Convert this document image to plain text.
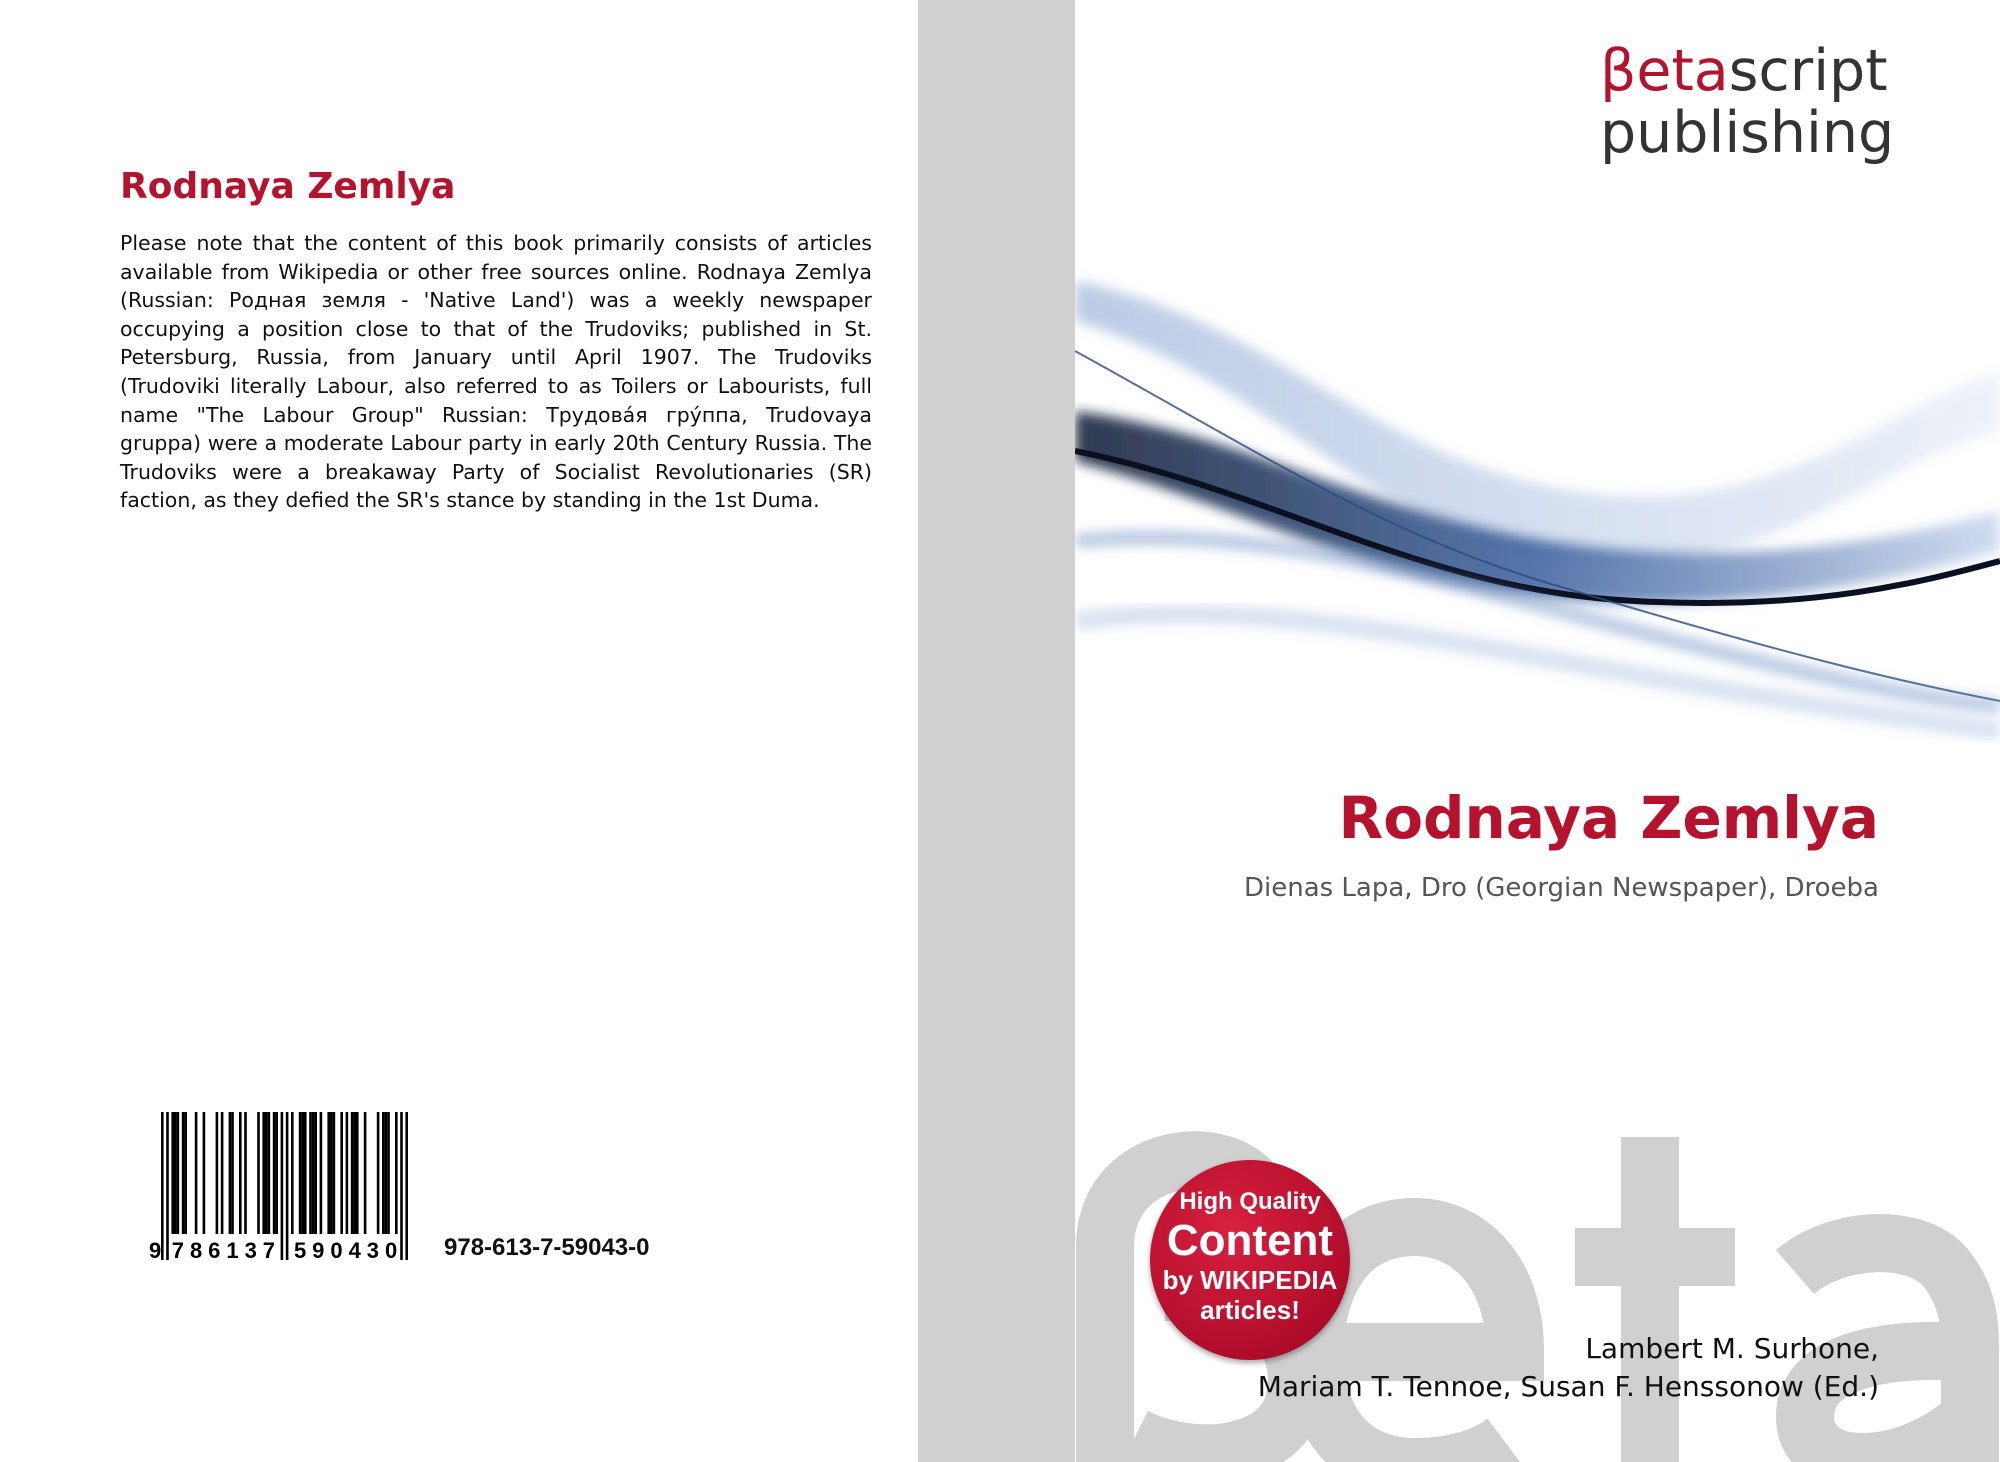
Rodnaya Zemlya
Please note that the content of this book primarily consists of articles available from Wikipedia or other free sources online. Rodnaya Zemlya (Russian: Родная земля - 'Native Land') was a weekly newspaper occupying a position close to that of the Trudoviks; published in St. Petersburg, Russia, from January until April 1907. The Trudoviks (Trudoviki literally Labour, also referred to as Toilers or Labourists, full name "The Labour Group" Russian: Трудова́я гру́ппа, Trudovaya gruppa) were a moderate Labour party in early 20th Century Russia. The Trudoviks were a breakaway Party of Socialist Revolutionaries (SR) faction, as they defied the SR's stance by standing in the 1st Duma.
9 7 8 6 1 3 7 5 9 0 4 3 0 978-613-7-59043-0
βetascript
publishing
Rodnaya Zemlya
Dienas Lapa, Dro (Georgian Newspaper), Droeba
High Quality
Content
by WIKIPEDIA
articles!
Lambert M. Surhone,
Mariam T. Tennoe, Susan F. Henssonow (Ed.)
